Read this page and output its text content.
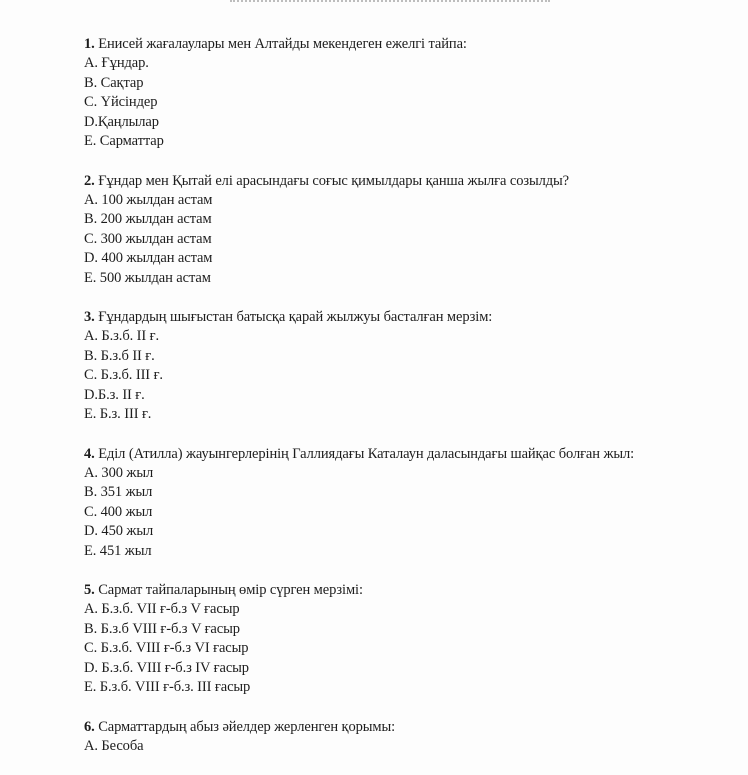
1. Енисей жағалаулары мен Алтайды мекендеген ежелгі тайпа:
А. Ғұндар.
В. Сақтар
С. Үйсіндер
D.Қаңлылар
Е. Сарматтар
2. Ғұндар мен Қытай елі арасындағы соғыс қимылдары қанша жылға созылды?
А. 100 жылдан астам
В. 200 жылдан астам
С. 300 жылдан астам
D. 400 жылдан астам
Е. 500 жылдан астам
3. Ғұндардың шығыстан батысқа қарай жылжуы басталған мерзім:
А. Б.з.б. ІІ ғ.
В. Б.з.б ІІ ғ.
С. Б.з.б. ІІІ ғ.
D.Б.з. ІІ ғ.
Е. Б.з. ІІІ ғ.
4. Еділ (Атилла) жауынгерлерінің Галлиядағы Каталаун даласындағы шайқас болған жыл:
А. 300 жыл
В. 351 жыл
С. 400 жыл
D. 450 жыл
Е. 451 жыл
5. Сармат тайпаларының өмір сүрген мерзімі:
А. Б.з.б. VІІ ғ-б.з V ғасыр
В. Б.з.б VІІІ ғ-б.з V ғасыр
С. Б.з.б. VІІІ ғ-б.з VІ ғасыр
D. Б.з.б. VІІІ ғ-б.з ІV ғасыр
Е. Б.з.б. VІІІ ғ-б.з. ІІІ ғасыр
6. Сарматтардың абыз әйелдер жерленген қорымы:
А. Бесоба
